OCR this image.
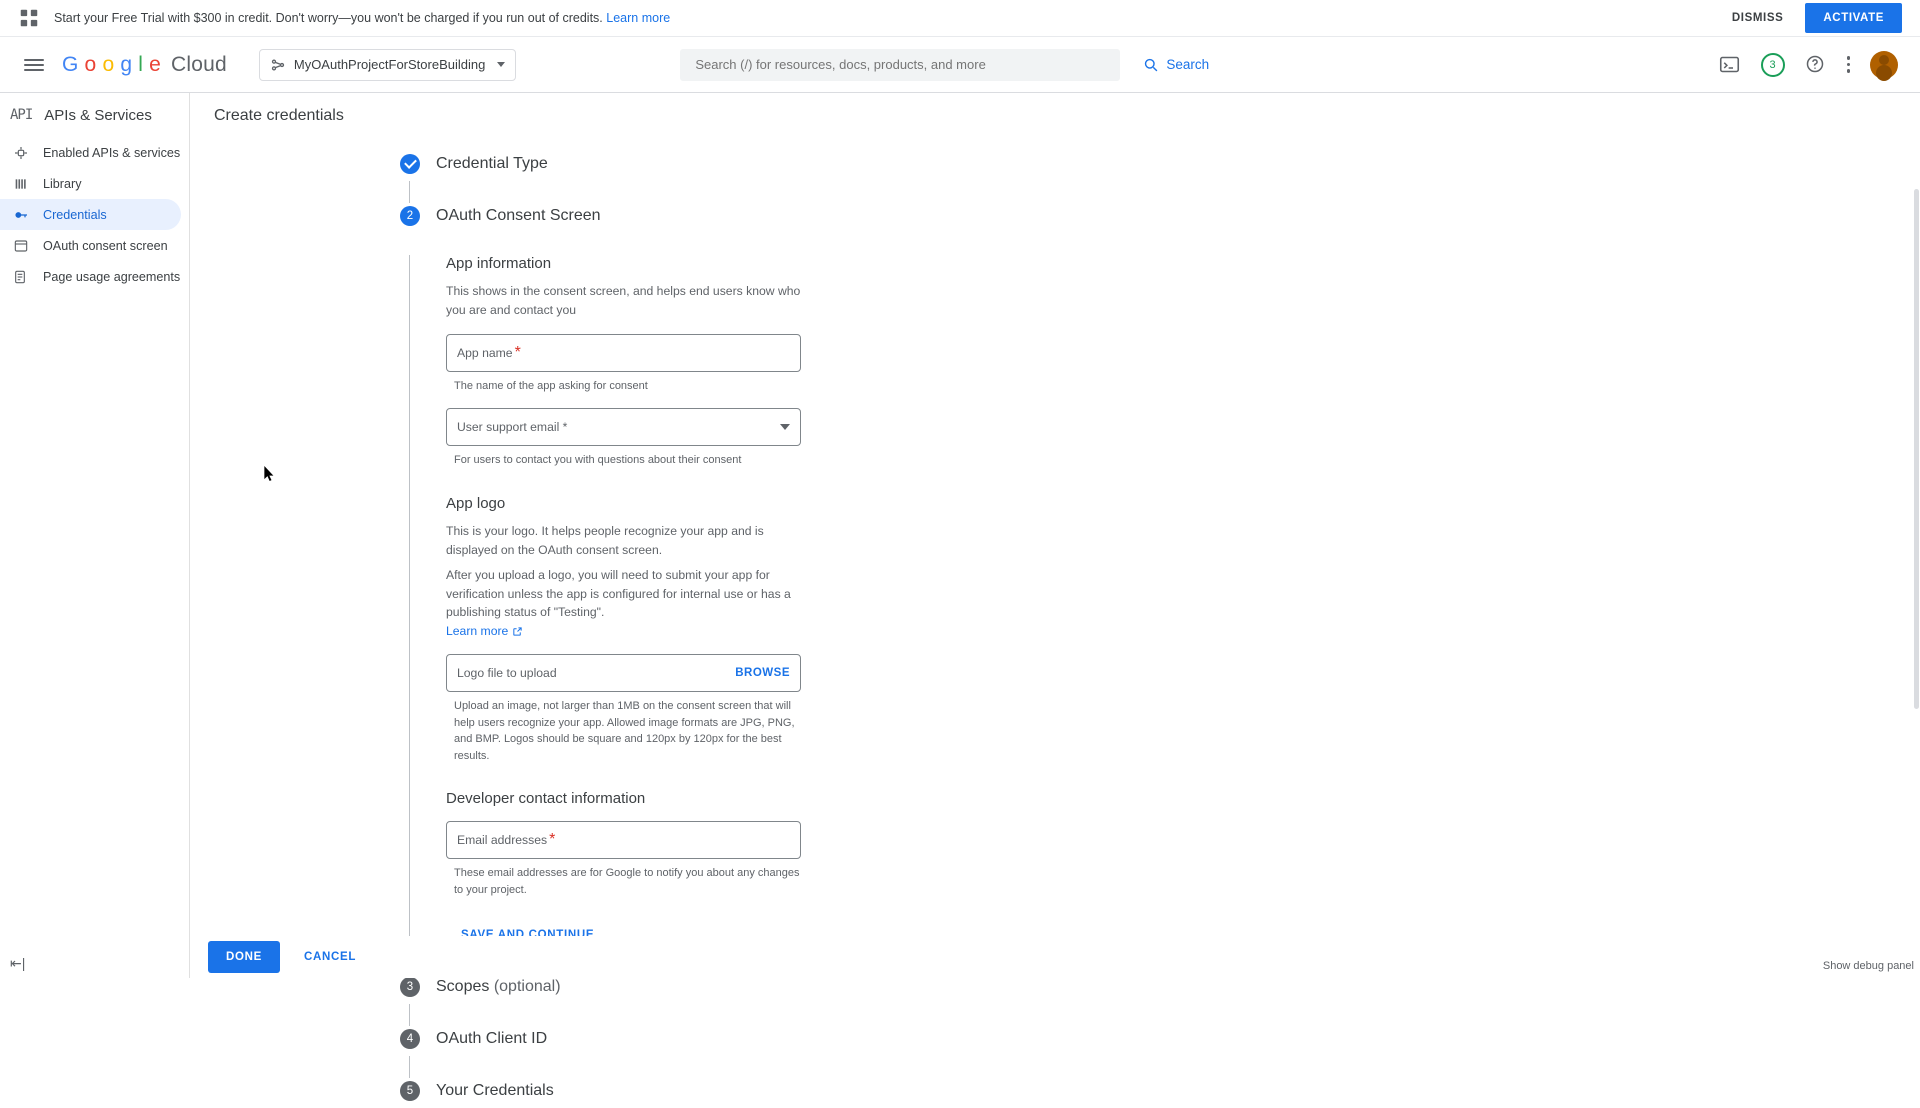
Start your Free Trial with $300 in credit. Don't worry—you won't be charged if you run out of credits. Learn more	DISMISS	ACTIVATE
G o o g l e Cloud	MyOAuthProjectForStoreBuilding
Search (/) for resources, docs, products, and more	Search	3
API APIs & Services
Enabled APIs & services
Library
Credentials
OAuth consent screen
Page usage agreements
⇤|
Create credentials
Credential Type
2	OAuth Consent Screen
App information
This shows in the consent screen, and helps end users know who you are and contact you
App name *
The name of the app asking for consent
User support email *
For users to contact you with questions about their consent
App logo
This is your logo. It helps people recognize your app and is displayed on the OAuth consent screen.
After you upload a logo, you will need to submit your app for verification unless the app is configured for internal use or has a publishing status of "Testing".
Learn more
Logo file to upload	BROWSE
Upload an image, not larger than 1MB on the consent screen that will help users recognize your app. Allowed image formats are JPG, PNG, and BMP. Logos should be square and 120px by 120px for the best results.
Developer contact information
Email addresses *
These email addresses are for Google to notify you about any changes to your project.
3	Scopes (optional)
4	OAuth Client ID
5	Your Credentials
DONE	CANCEL
Show debug panel
